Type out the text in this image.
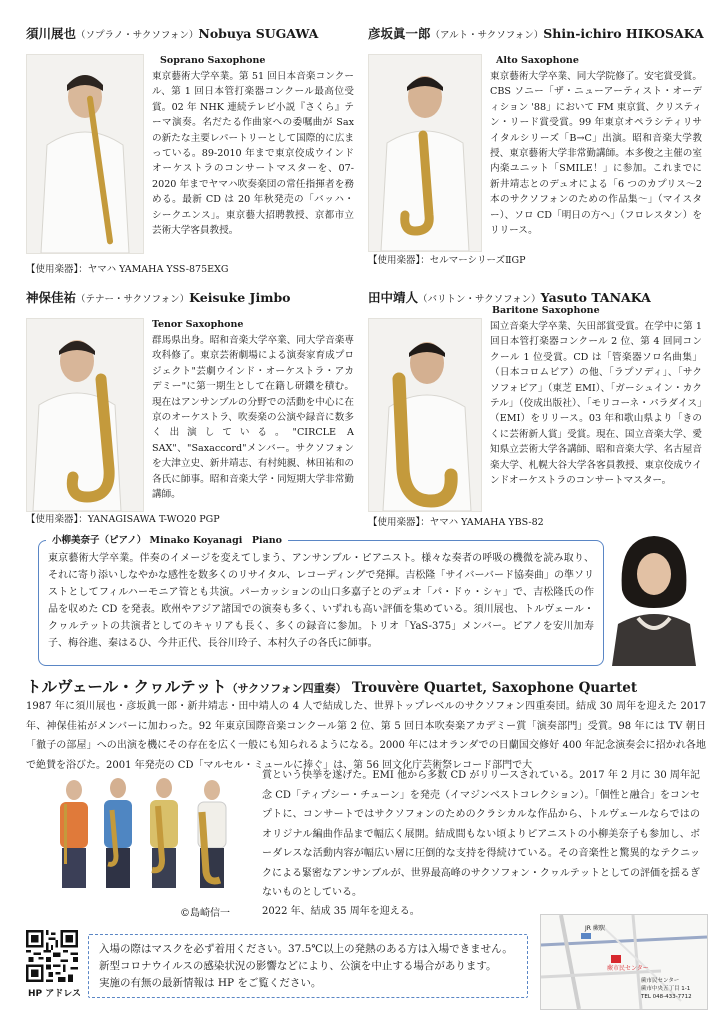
須川展也（ソプラノ・サクソフォン）Nobuya SUGAWA
Soprano Saxophone

東京藝術大学卒業。第 51 回日本音楽コンクール、第 1 回日本管打楽器コンクール最高位受賞。02 年 NHK 連続テレビ小説『さくら』テーマ演奏。名だたる作曲家への委嘱曲が Sax の新たな主要レパートリーとして国際的に広まっている。89-2010 年まで東京佼成ウインドオーケストラのコンサートマスターを、07-2020 年までヤマハ吹奏楽団の常任指揮者を務める。最新 CD は 20 年秋発売の「バッハ・シークエンス」。東京藝大招聘教授、京都市立芸術大学客員教授。

【使用楽器】：ヤマハ YAMAHA YSS-875EXG
彦坂眞一郎（アルト・サクソフォン）Shin-ichiro HIKOSAKA
Alto Saxophone

東京藝術大学卒業、同大学院修了。安宅賞受賞。CBS ソニー「ザ・ニューアーティスト・オーディション '88」において FM 東京賞、クリスティン・リード賞受賞。99 年東京オペラシティリサイタルシリーズ「B→C」出演。昭和音楽大学教授、東京藝術大学非常勤講師。本多俊之主催の室内楽ユニット「SMILE！」に参加。これまでに新井靖志とのデュオによる「6 つのカプリス～2 本のサクソフォンのための作品集～」（マイスター）、ソロ CD「明日の方へ」（フロレスタン）をリリース。

【使用楽器】：セルマーシリーズⅡGP
神保佳祐（テナー・サクソフォン）Keisuke Jimbo
Tenor Saxophone

群馬県出身。昭和音楽大学卒業、同大学音楽専攻科修了。東京芸術劇場による演奏家育成プロジェクト"芸劇ウインド・オーケストラ・アカデミー"に第一期生として在籍し研鑽を積む。現在はアンサンブルの分野での活動を中心に在京のオーケストラ、吹奏楽の公演や録音に数多く出演している。"CIRCLE A SAX"、"Saxaccord"メンバー。サクソフォンを大津立史、新井靖志、有村純親、林田祐和の各氏に師事。昭和音楽大学・同短期大学非常勤講師。

【使用楽器】：YANAGISAWA T-WO20 PGP
田中靖人（バリトン・サクソフォン）Yasuto TANAKA
Baritone Saxophone

国立音楽大学卒業、矢田部賞受賞。在学中に第 1 回日本管打楽器コンクール 2 位、第 4 回同コンクール 1 位受賞。CD は「管楽器ソロ名曲集」（日本コロムビア）の他、「ラプソディ」、「サクソフォビア」（東芝 EMI）、「ガーシュイン・カクテル」（佼成出版社）、「モリコーネ・パラダイス」（EMI）をリリース。03 年和歌山県より「きのくに芸術新人賞」受賞。現在、国立音楽大学、愛知県立芸術大学各講師、昭和音楽大学、名古屋音楽大学、札幌大谷大学各客員教授、東京佼成ウインドオーケストラのコンサートマスター。

【使用楽器】：ヤマハ YAMAHA YBS-82
小柳美奈子（ピアノ） Minako Koyanagi　Piano

東京藝術大学卒業。伴奏のイメージを変えてしまう、アンサンブル・ピアニスト。様々な奏者の呼吸の機微を読み取り、それに寄り添いしなやかな感性を数多くのリサイタル、レコーディングで発揮。吉松隆「サイバーバード協奏曲」の準ソリストとしてフィルハーモニア管とも共演。パーカッションの山口多嘉子とのデュオ「パ・ドゥ・シャ」で、吉松隆氏の作品を収めた CD を発表。欧州やアジア諸国での演奏も多く、いずれも高い評価を集めている。須川展也、トルヴェール・クヮルテットの共演者としてのキャリアも長く、多くの録音に参加。トリオ「YaS-375」メンバー。ピアノを安川加寿子、梅谷進、秦はるひ、今井正代、長谷川玲子、本村久子の各氏に師事。

トルヴェール・クヮルテット（サクソフォン四重奏） Trouvère Quartet, Saxophone Quartet

1987 年に須川展也・彦坂眞一郎・新井靖志・田中靖人の 4 人で結成した、世界トップレベルのサクソフォン四重奏団。結成 30 周年を迎えた 2017 年、神保佳祐がメンバーに加わった。92 年東京国際音楽コンクール第 2 位、第 5 回日本吹奏楽アカデミー賞「演奏部門」受賞。98 年には TV 朝日「徹子の部屋」への出演を機にその存在を広く一般にも知られるようになる。2000 年にはオランダでの日蘭国交修好 400 年記念演奏会に招かれ各地で絶賛を浴びた。2001 年発売の CD「マルセル・ミュールに捧ぐ」は、第 56 回文化庁芸術祭レコード部門で大

©島崎信一

賞という快挙を遂げた。EMI 他から多数 CD がリリースされている。2017 年 2 月に 30 周年記念 CD「ティプシー・チューン」を発売（イマジンベストコレクション）。「個性と融合」をコンセプトに、コンサートではサクソフォンのためのクラシカルな作品から、トルヴェールならではのオリジナル編曲作品まで幅広く展開。結成間もない頃よりピアニストの小柳美奈子も参加し、ボーダレスな活動内容が幅広い層に圧倒的な支持を得続けている。その音楽性と驚異的なテクニックによる緊密なアンサンブルが、世界最高峰のサクソフォン・クヮルテットとしての評価を揺るぎないものとしている。

2022 年、結成 35 周年を迎える。
HP アドレス

入場の際はマスクを必ず着用ください。37.5℃以上の発熱のある方は入場できません。

新型コロナウイルスの感染状況の影響などにより、公演を中止する場合があります。

実施の有無の最新情報は HP をご覧ください。

JR 蕨駅
蕨市民センター
蕨市民センター
蕨市中央五丁目 1-1
TEL 048-433-7712
